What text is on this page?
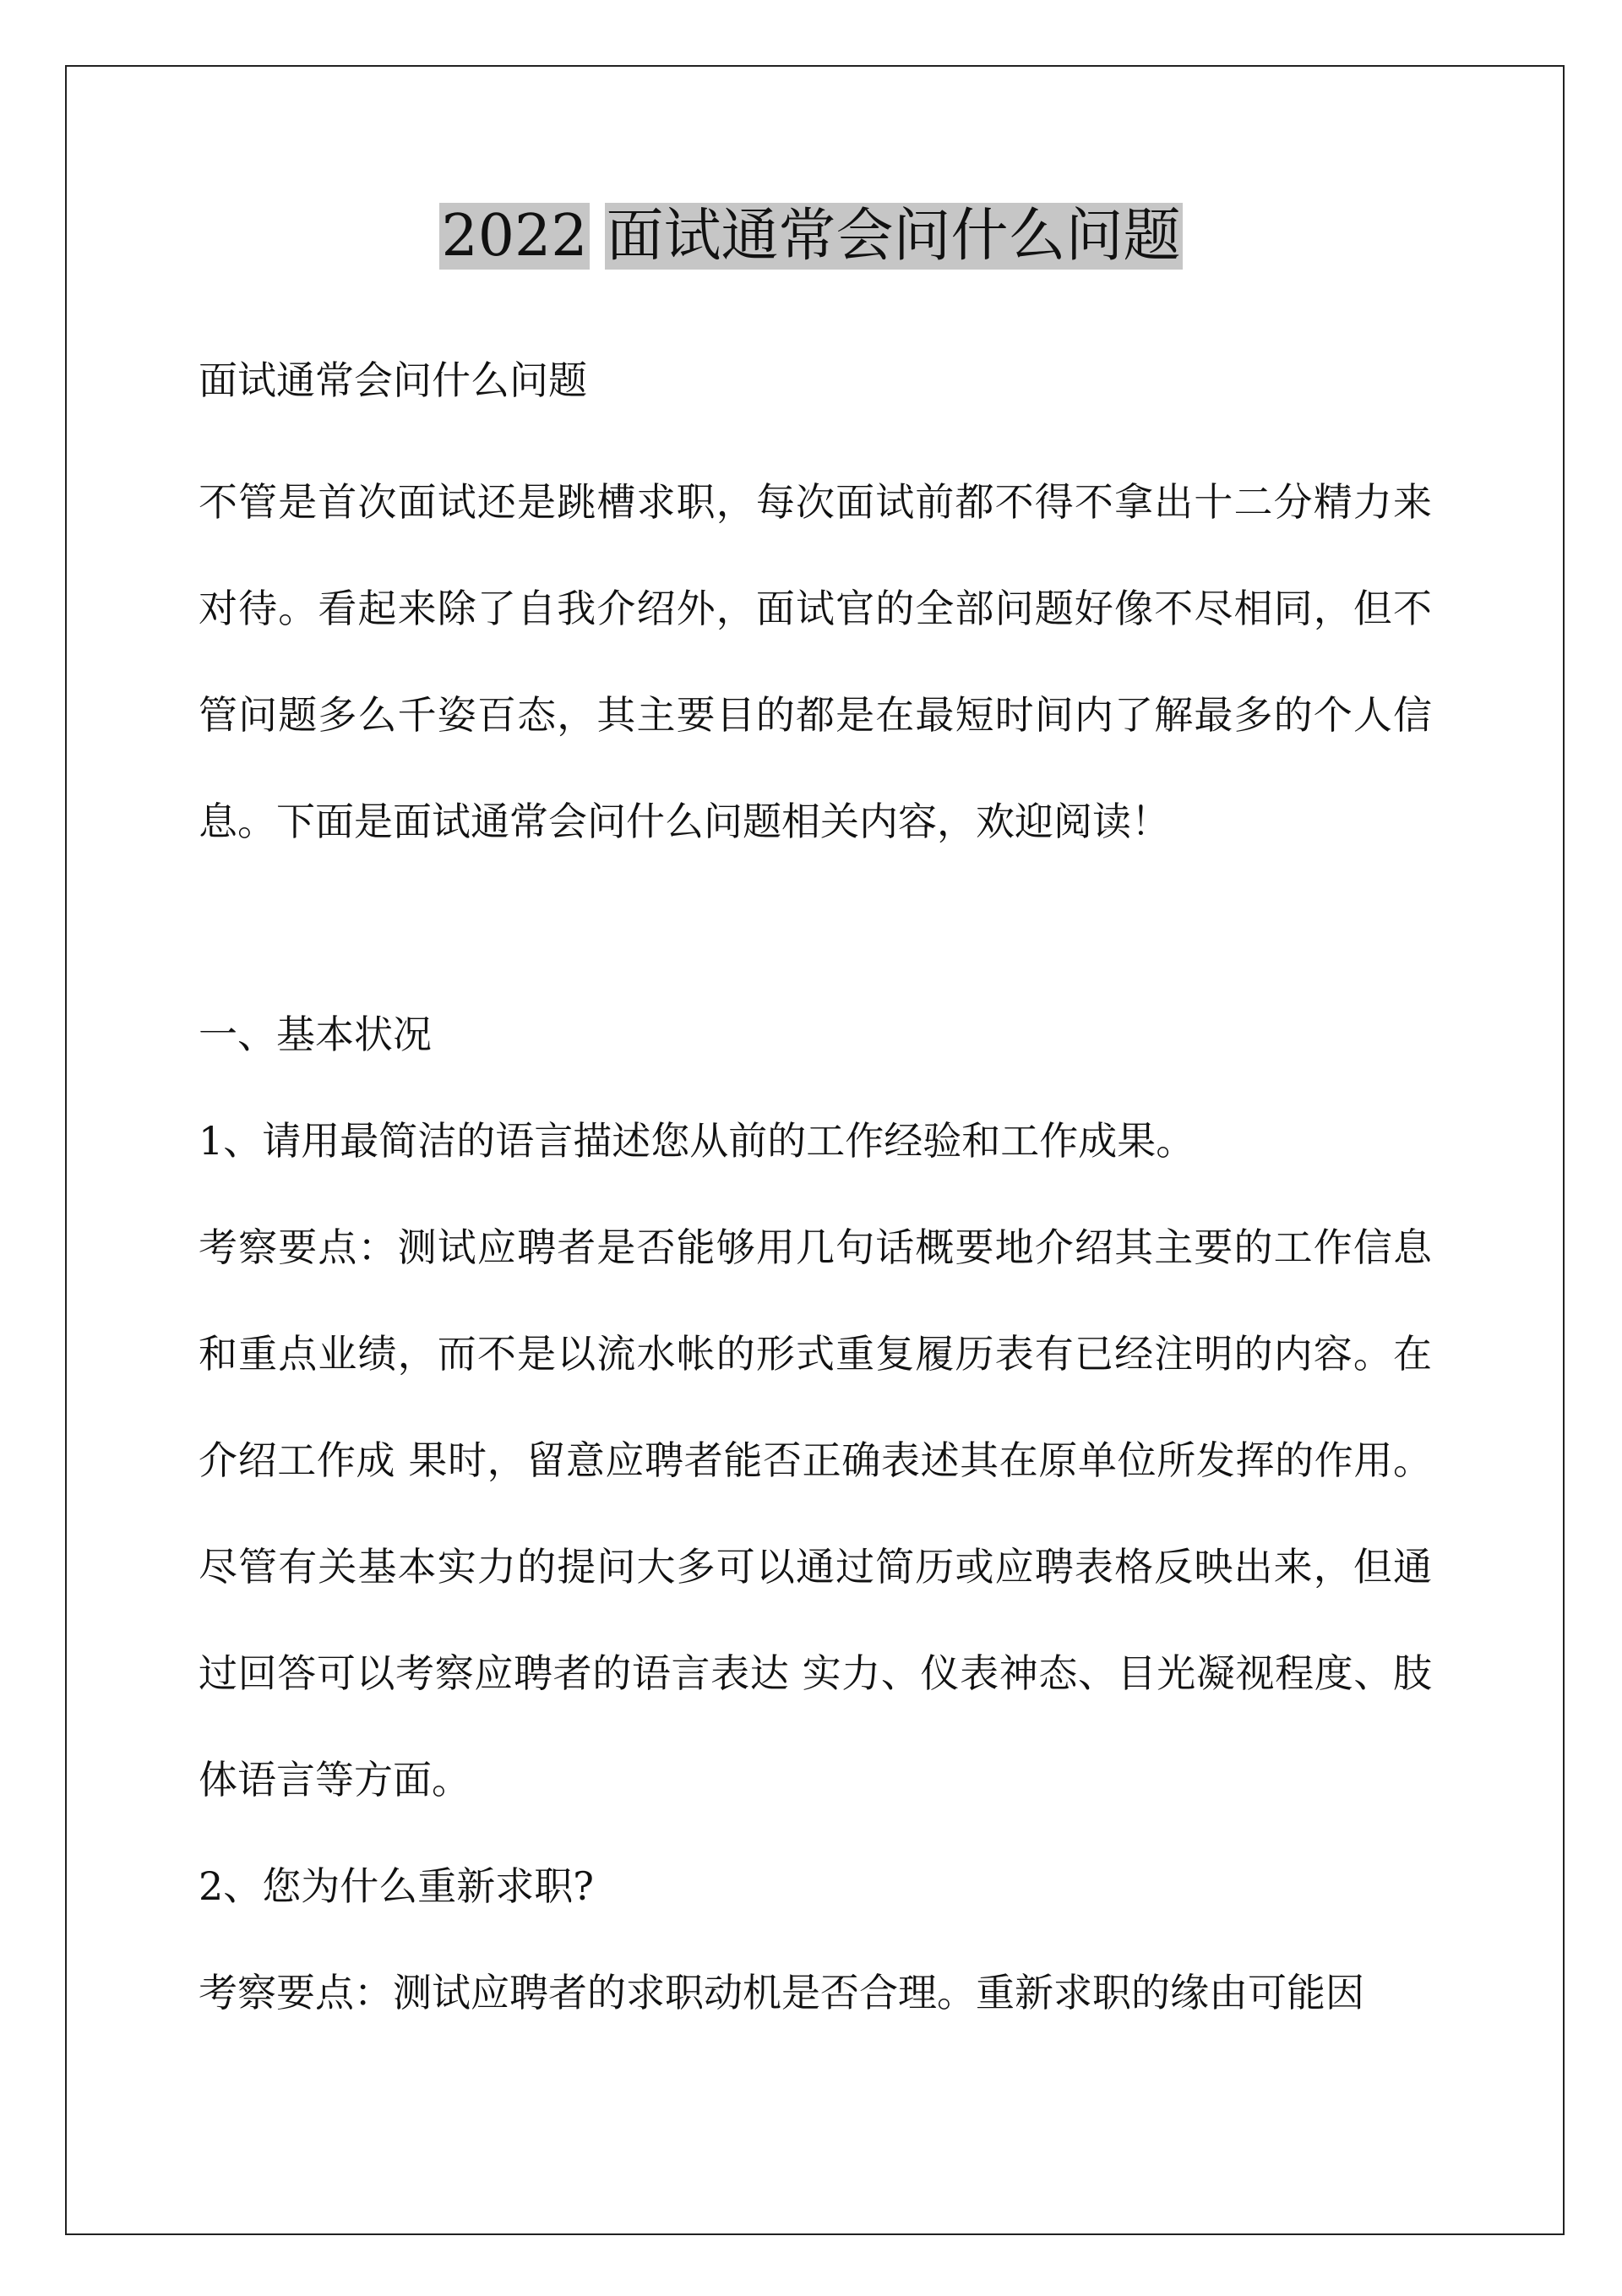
2022 面试通常会问什么问题

面试通常会问什么问题

不管是首次面试还是跳槽求职，每次面试前都不得不拿出十二分精力来对待。看起来除了自我介绍外，面试官的全部问题好像不尽相同，但不管问题多么千姿百态，其主要目的都是在最短时间内了解最多的个人信息。下面是面试通常会问什么问题相关内容，欢迎阅读！

一、基本状况

1、请用最简洁的语言描述您从前的工作经验和工作成果。

考察要点：测试应聘者是否能够用几句话概要地介绍其主要的工作信息和重点业绩，而不是以流水帐的形式重复履历表有已经注明的内容。在介绍工作成 果时，留意应聘者能否正确表述其在原单位所发挥的作用。尽管有关基本实力的提问大多可以通过简历或应聘表格反映出来，但通过回答可以考察应聘者的语言表达 实力、仪表神态、目光凝视程度、肢体语言等方面。

2、您为什么重新求职?

考察要点：测试应聘者的求职动机是否合理。重新求职的缘由可能因
